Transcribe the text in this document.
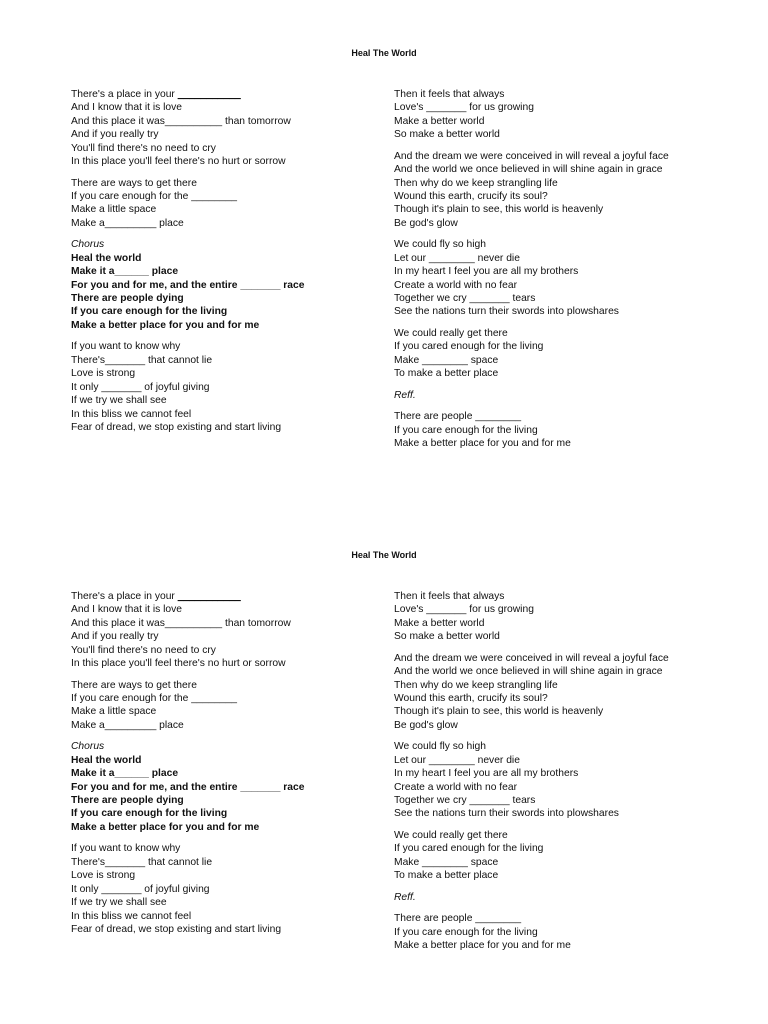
Heal The World
There's a place in your ___________
And I know that it is love
And this place it was__________ than tomorrow
And if you really try
You'll find there's no need to cry
In this place you'll feel there's no hurt or sorrow
There are ways to get there
If you care enough for the ________
Make a little space
Make a_________ place
Chorus
Heal the world
Make it a______ place
For you and for me, and the entire _______ race
There are people dying
If you care enough for the living
Make a better place for you and for me
If you want to know why
There's_______ that cannot lie
Love is strong
It only _______ of joyful giving
If we try we shall see
In this bliss we cannot feel
Fear of dread, we stop existing and start living
Then it feels that always
Love's _______ for us growing
Make a better world
So make a better world
And the dream we were conceived in will reveal a joyful face
And the world we once believed in will shine again in grace
Then why do we keep strangling life
Wound this earth, crucify its soul?
Though it's plain to see, this world is heavenly
Be god's glow
We could fly so high
Let our ________ never die
In my heart I feel you are all my brothers
Create a world with no fear
Together we cry _______ tears
See the nations turn their swords into plowshares
We could really get there
If you cared enough for the living
Make ________ space
To make a better place
Reff.
There are people ________
If you care enough for the living
Make a better place for you and for me
Heal The World
There's a place in your ___________
And I know that it is love
And this place it was__________ than tomorrow
And if you really try
You'll find there's no need to cry
In this place you'll feel there's no hurt or sorrow
There are ways to get there
If you care enough for the ________
Make a little space
Make a_________ place
Chorus
Heal the world
Make it a______ place
For you and for me, and the entire _______ race
There are people dying
If you care enough for the living
Make a better place for you and for me
If you want to know why
There's_______ that cannot lie
Love is strong
It only _______ of joyful giving
If we try we shall see
In this bliss we cannot feel
Fear of dread, we stop existing and start living
Then it feels that always
Love's _______ for us growing
Make a better world
So make a better world
And the dream we were conceived in will reveal a joyful face
And the world we once believed in will shine again in grace
Then why do we keep strangling life
Wound this earth, crucify its soul?
Though it's plain to see, this world is heavenly
Be god's glow
We could fly so high
Let our ________ never die
In my heart I feel you are all my brothers
Create a world with no fear
Together we cry _______ tears
See the nations turn their swords into plowshares
We could really get there
If you cared enough for the living
Make ________ space
To make a better place
Reff.
There are people ________
If you care enough for the living
Make a better place for you and for me
